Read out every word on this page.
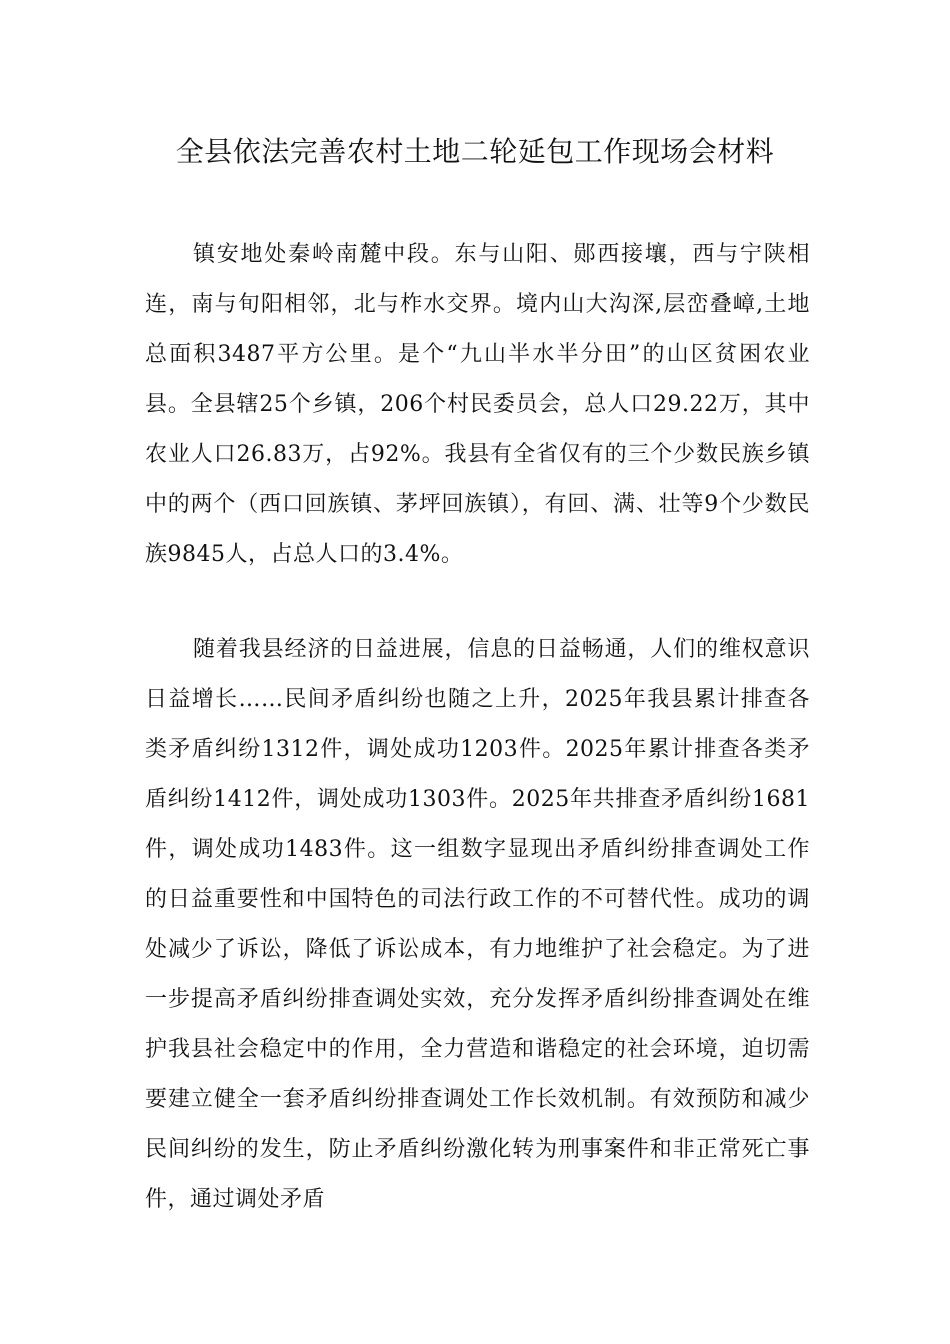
全县依法完善农村土地二轮延包工作现场会材料

镇安地处秦岭南麓中段。东与山阳、郧西接壤，西与宁陕相连，南与旬阳相邻，北与柞水交界。境内山大沟深,层峦叠嶂,土地总面积3487平方公里。是个“九山半水半分田”的山区贫困农业县。全县辖25个乡镇，206个村民委员会，总人口29.22万，其中农业人口26.83万，占92%。我县有全省仅有的三个少数民族乡镇中的两个（西口回族镇、茅坪回族镇），有回、满、壮等9个少数民族9845人，占总人口的3.4%。

随着我县经济的日益进展，信息的日益畅通，人们的维权意识日益增长……民间矛盾纠纷也随之上升，2025年我县累计排查各类矛盾纠纷1312件，调处成功1203件。2025年累计排查各类矛盾纠纷1412件，调处成功1303件。2025年共排查矛盾纠纷1681件，调处成功1483件。这一组数字显现出矛盾纠纷排查调处工作的日益重要性和中国特色的司法行政工作的不可替代性。成功的调处减少了诉讼，降低了诉讼成本，有力地维护了社会稳定。为了进一步提高矛盾纠纷排查调处实效，充分发挥矛盾纠纷排查调处在维护我县社会稳定中的作用，全力营造和谐稳定的社会环境，迫切需要建立健全一套矛盾纠纷排查调处工作长效机制。有效预防和减少民间纠纷的发生，防止矛盾纠纷激化转为刑事案件和非正常死亡事件，通过调处矛盾
